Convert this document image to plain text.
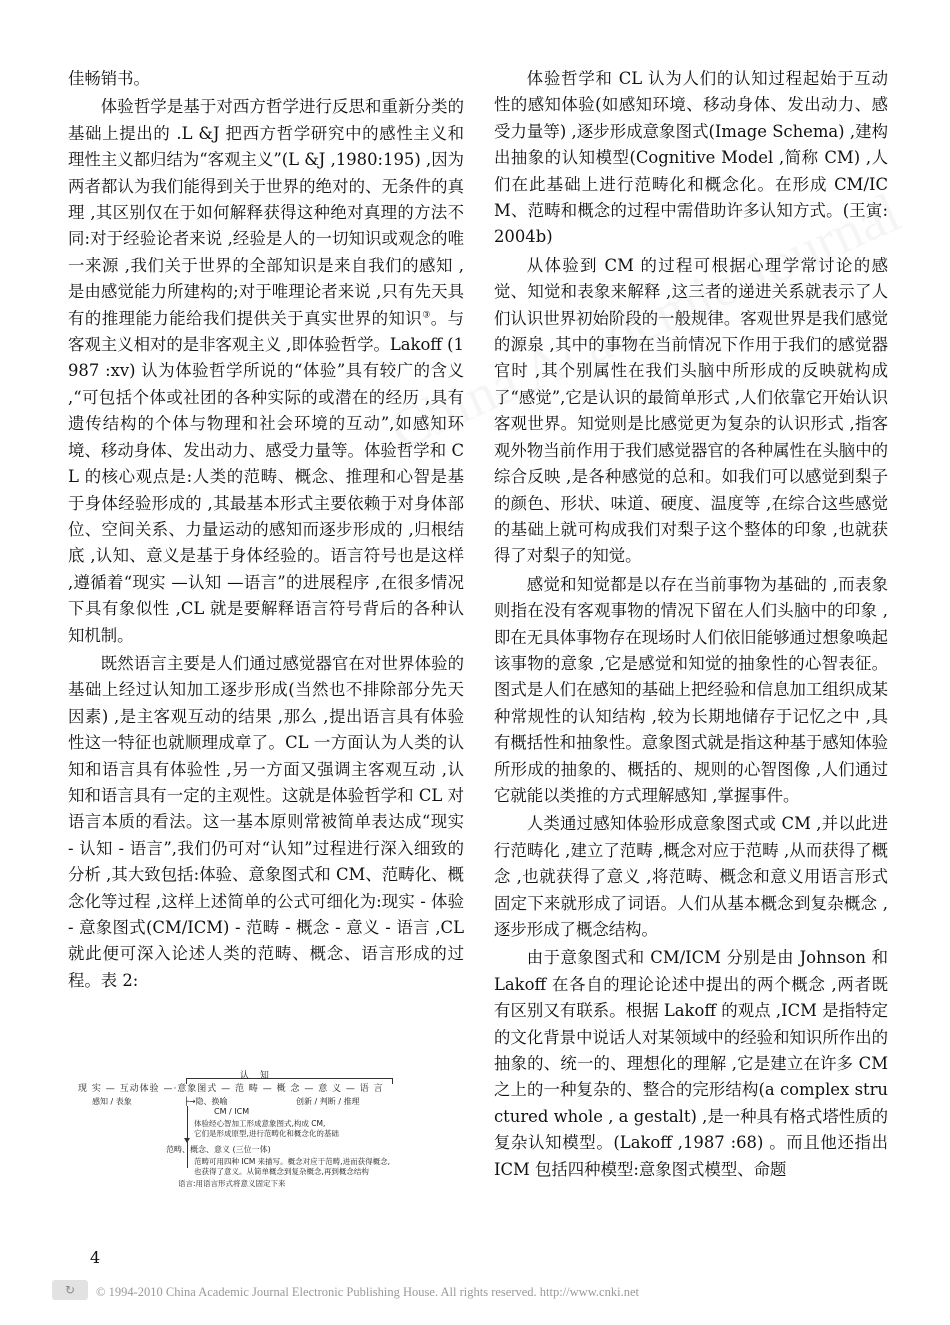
佳畅销书。

体验哲学是基于对西方哲学进行反思和重新分类的基础上提出的 .L &J 把西方哲学研究中的感性主义和理性主义都归结为“客观主义”(L &J ,1980:195) ,因为两者都认为我们能得到关于世界的绝对的、无条件的真理 ,其区别仅在于如何解释获得这种绝对真理的方法不同:对于经验论者来说 ,经验是人的一切知识或观念的唯一来源 ,我们关于世界的全部知识是来自我们的感知 ,是由感觉能力所建构的;对于唯理论者来说 ,只有先天具有的推理能力能给我们提供关于真实世界的知识③。与客观主义相对的是非客观主义 ,即体验哲学。Lakoff (1987 :xv) 认为体验哲学所说的“体验”具有较广的含义 ,“可包括个体或社团的各种实际的或潜在的经历 ,具有遗传结构的个体与物理和社会环境的互动”,如感知环境、移动身体、发出动力、感受力量等。体验哲学和 CL 的核心观点是:人类的范畴、概念、推理和心智是基于身体经验形成的 ,其最基本形式主要依赖于对身体部位、空间关系、力量运动的感知而逐步形成的 ,归根结底 ,认知、意义是基于身体经验的。语言符号也是这样 ,遵循着“现实 —认知 —语言”的进展程序 ,在很多情况下具有象似性 ,CL 就是要解释语言符号背后的各种认知机制。

既然语言主要是人们通过感觉器官在对世界体验的基础上经过认知加工逐步形成(当然也不排除部分先天因素) ,是主客观互动的结果 ,那么 ,提出语言具有体验性这一特征也就顺理成章了。CL 一方面认为人类的认知和语言具有体验性 ,另一方面又强调主客观互动 ,认知和语言具有一定的主观性。这就是体验哲学和 CL 对语言本质的看法。这一基本原则常被简单表达成“现实 - 认知 - 语言”,我们仍可对“认知”过程进行深入细致的分析 ,其大致包括:体验、意象图式和 CM、范畴化、概念化等过程 ,这样上述简单的公式可细化为:现实 - 体验 - 意象图式(CM/ICM) - 范畴 - 概念 - 意义 - 语言 ,CL 就此便可深入论述人类的范畴、概念、语言形成的过程。表 2:

体验哲学和 CL 认为人们的认知过程起始于互动性的感知体验(如感知环境、移动身体、发出动力、感受力量等) ,逐步形成意象图式(Image Schema) ,建构出抽象的认知模型(Cognitive Model ,简称 CM) ,人们在此基础上进行范畴化和概念化。在形成 CM/ICM、范畴和概念的过程中需借助许多认知方式。(王寅:2004b)

从体验到 CM 的过程可根据心理学常讨论的感觉、知觉和表象来解释 ,这三者的递进关系就表示了人们认识世界初始阶段的一般规律。客观世界是我们感觉的源泉 ,其中的事物在当前情况下作用于我们的感觉器官时 ,其个别属性在我们头脑中所形成的反映就构成了“感觉”,它是认识的最简单形式 ,人们依靠它开始认识客观世界。知觉则是比感觉更为复杂的认识形式 ,指客观外物当前作用于我们感觉器官的各种属性在头脑中的综合反映 ,是各种感觉的总和。如我们可以感觉到梨子的颜色、形状、味道、硬度、温度等 ,在综合这些感觉的基础上就可构成我们对梨子这个整体的印象 ,也就获得了对梨子的知觉。

感觉和知觉都是以存在当前事物为基础的 ,而表象则指在没有客观事物的情况下留在人们头脑中的印象 ,即在无具体事物存在现场时人们依旧能够通过想象唤起该事物的意象 ,它是感觉和知觉的抽象性的心智表征。图式是人们在感知的基础上把经验和信息加工组织成某种常规性的认知结构 ,较为长期地储存于记忆之中 ,具有概括性和抽象性。意象图式就是指这种基于感知体验所形成的抽象的、概括的、规则的心智图像 ,人们通过它就能以类推的方式理解感知 ,掌握事件。

人类通过感知体验形成意象图式或 CM ,并以此进行范畴化 ,建立了范畴 ,概念对应于范畴 ,从而获得了概念 ,也就获得了意义 ,将范畴、概念和意义用语言形式固定下来就形成了词语。人们从基本概念到复杂概念 ,逐步形成了概念结构。

由于意象图式和 CM/ICM 分别是由 Johnson 和 Lakoff 在各自的理论论述中提出的两个概念 ,两者既有区别又有联系。根据 Lakoff 的观点 ,ICM 是指特定的文化背景中说话人对某领域中的经验和知识所作出的抽象的、统一的、理想化的理解 ,它是建立在许多 CM 之上的一种复杂的、整合的完形结构(a complex structured whole , a gestalt) ,是一种具有格式塔性质的复杂认知模型。(Lakoff ,1987 :68) 。而且他还指出 ICM 包括四种模型:意象图式模型、命题

认 知
现 实 — 互动体验 —·意象图式 — 范 畴 — 概 念 — 意 义 — 语 言
感知 / 表象	├→隐、换喻	创新 / 判断 / 推理
CM / ICM
体验经心智加工形成意象图式,构成 CM,
它们是形成原型,进行范畴化和概念化的基础
范畴、概念、意义 (三位一体)
范畴可用四种 ICM 来描写。概念对应于范畴,进而获得概念,
也获得了意义。从简单概念到复杂概念,再到概念结构
语言:用语言形式将意义固定下来
4
↻	© 1994-2010 China Academic Journal Electronic Publishing House. All rights reserved. http://www.cnki.net
